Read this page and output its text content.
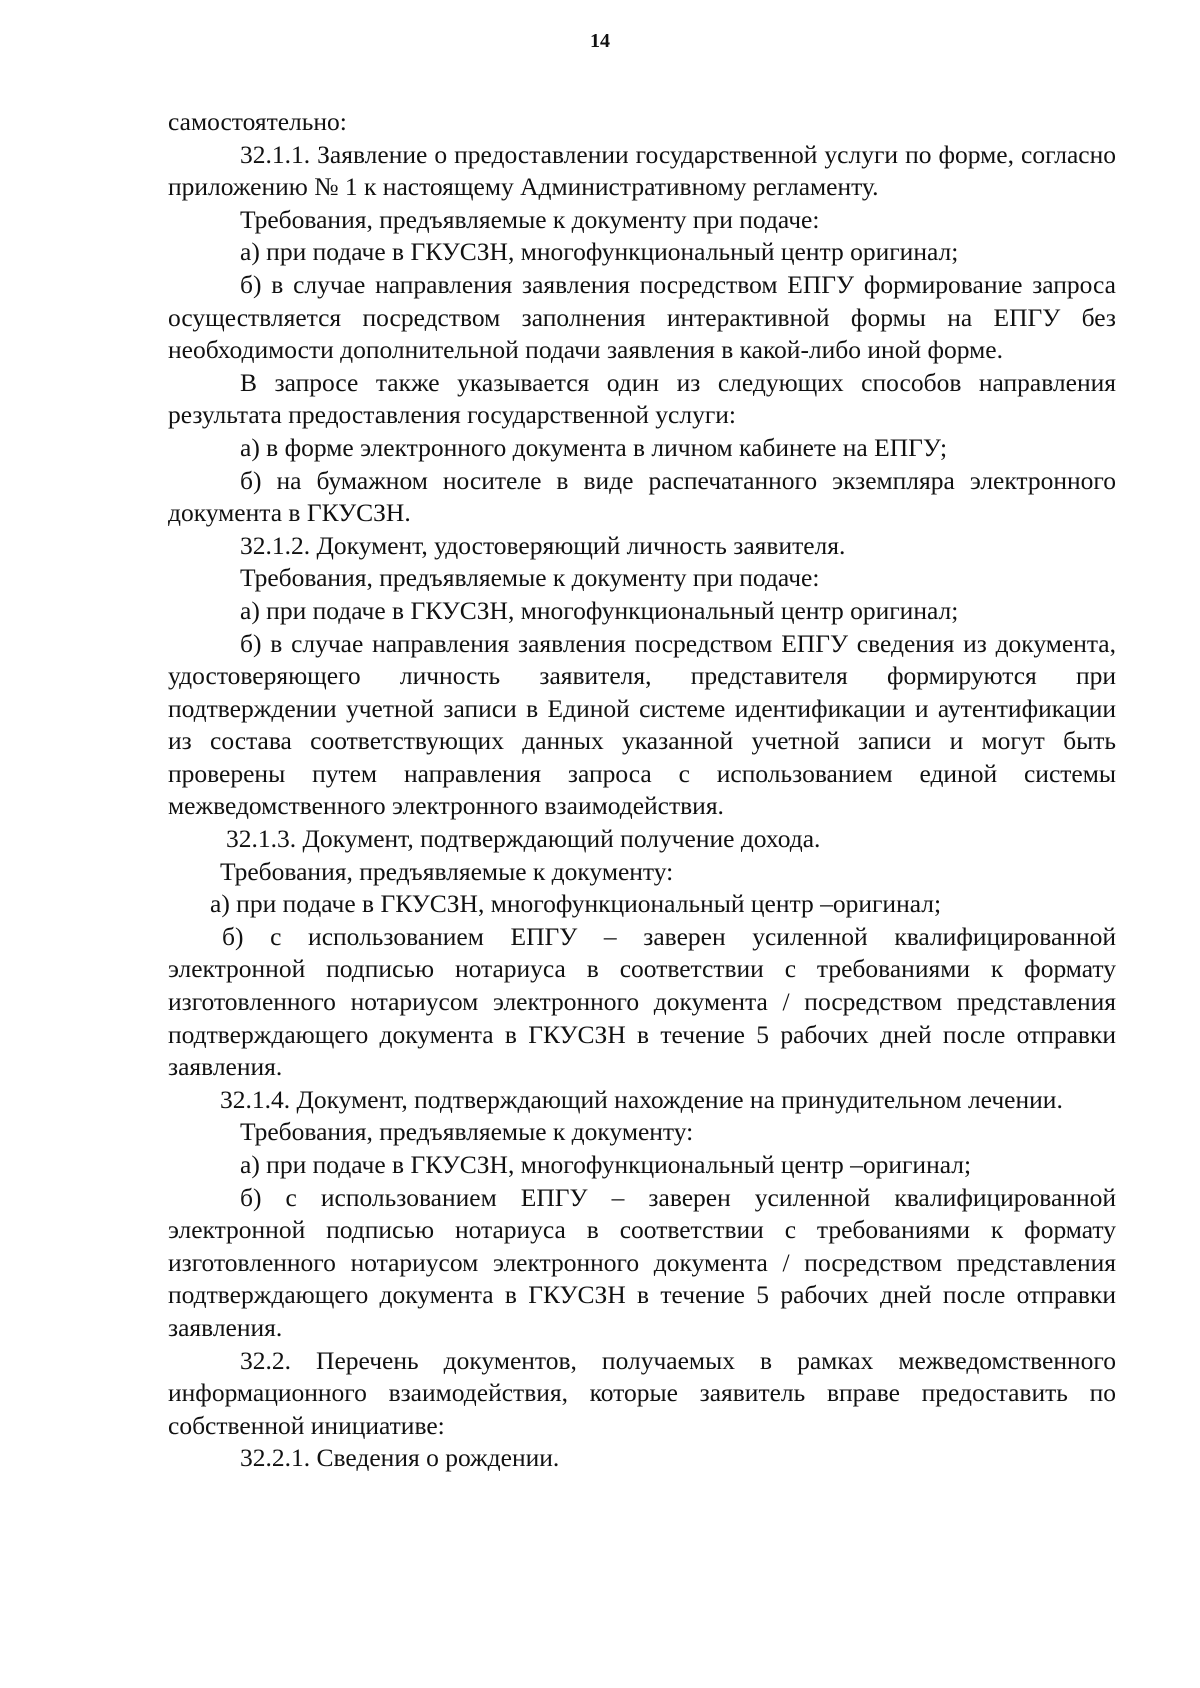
14

самостоятельно:

32.1.1. Заявление о предоставлении государственной услуги по форме, согласно приложению № 1 к настоящему Административному регламенту.

Требования, предъявляемые к документу при подаче:

а) при подаче в ГКУСЗН, многофункциональный центр оригинал;

б) в случае направления заявления посредством ЕПГУ формирование запроса осуществляется посредством заполнения интерактивной формы на ЕПГУ без необходимости дополнительной подачи заявления в какой-либо иной форме.

В запросе также указывается один из следующих способов направления результата предоставления государственной услуги:

а) в форме электронного документа в личном кабинете на ЕПГУ;

б) на бумажном носителе в виде распечатанного экземпляра электронного документа в ГКУСЗН.

32.1.2. Документ, удостоверяющий личность заявителя.

Требования, предъявляемые к документу при подаче:

а) при подаче в ГКУСЗН, многофункциональный центр оригинал;

б) в случае направления заявления посредством ЕПГУ сведения из документа, удостоверяющего личность заявителя, представителя формируются при подтверждении учетной записи в Единой системе идентификации и аутентификации из состава соответствующих данных указанной учетной записи и могут быть проверены путем направления запроса с использованием единой системы межведомственного электронного взаимодействия.

32.1.3. Документ, подтверждающий получение дохода.

Требования, предъявляемые к документу:

а) при подаче в ГКУСЗН, многофункциональный центр –оригинал;

б) с использованием ЕПГУ – заверен усиленной квалифицированной электронной подписью нотариуса в соответствии с требованиями к формату изготовленного нотариусом электронного документа / посредством представления подтверждающего документа в ГКУСЗН в течение 5 рабочих дней после отправки заявления.

32.1.4. Документ, подтверждающий нахождение на принудительном лечении.

Требования, предъявляемые к документу:

а) при подаче в ГКУСЗН, многофункциональный центр –оригинал;

б) с использованием ЕПГУ – заверен усиленной квалифицированной электронной подписью нотариуса в соответствии с требованиями к формату изготовленного нотариусом электронного документа / посредством представления подтверждающего документа в ГКУСЗН в течение 5 рабочих дней после отправки заявления.

32.2. Перечень документов, получаемых в рамках межведомственного информационного взаимодействия, которые заявитель вправе предоставить по собственной инициативе:

32.2.1. Сведения о рождении.
